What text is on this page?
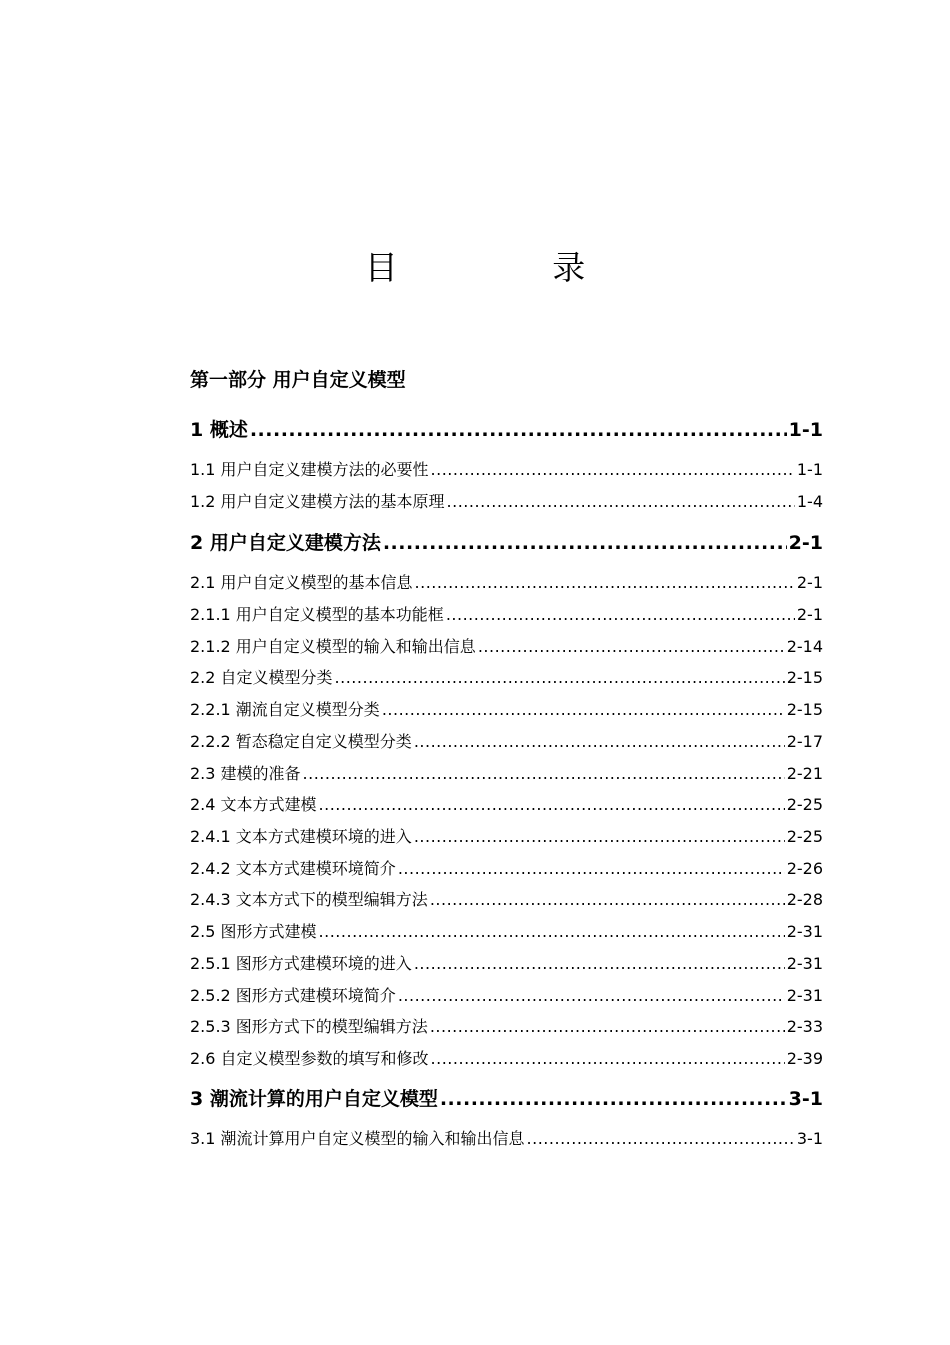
目 录
第一部分 用户自定义模型
1 概述 .....	1-1
1.1 用户自定义建模方法的必要性 .....	1-1
1.2 用户自定义建模方法的基本原理 .....	1-4
2 用户自定义建模方法 .....	2-1
2.1 用户自定义模型的基本信息 .....	2-1
2.1.1 用户自定义模型的基本功能框 .....	2-1
2.1.2 用户自定义模型的输入和输出信息 .....	2-14
2.2 自定义模型分类 .....	2-15
2.2.1 潮流自定义模型分类 .....	2-15
2.2.2 暂态稳定自定义模型分类 .....	2-17
2.3 建模的准备 .....	2-21
2.4 文本方式建模 .....	2-25
2.4.1 文本方式建模环境的进入 .....	2-25
2.4.2 文本方式建模环境简介 .....	2-26
2.4.3 文本方式下的模型编辑方法 .....	2-28
2.5 图形方式建模 .....	2-31
2.5.1 图形方式建模环境的进入 .....	2-31
2.5.2 图形方式建模环境简介 .....	2-31
2.5.3 图形方式下的模型编辑方法 .....	2-33
2.6 自定义模型参数的填写和修改 .....	2-39
3 潮流计算的用户自定义模型 .....	3-1
3.1 潮流计算用户自定义模型的输入和输出信息 .....	3-1
